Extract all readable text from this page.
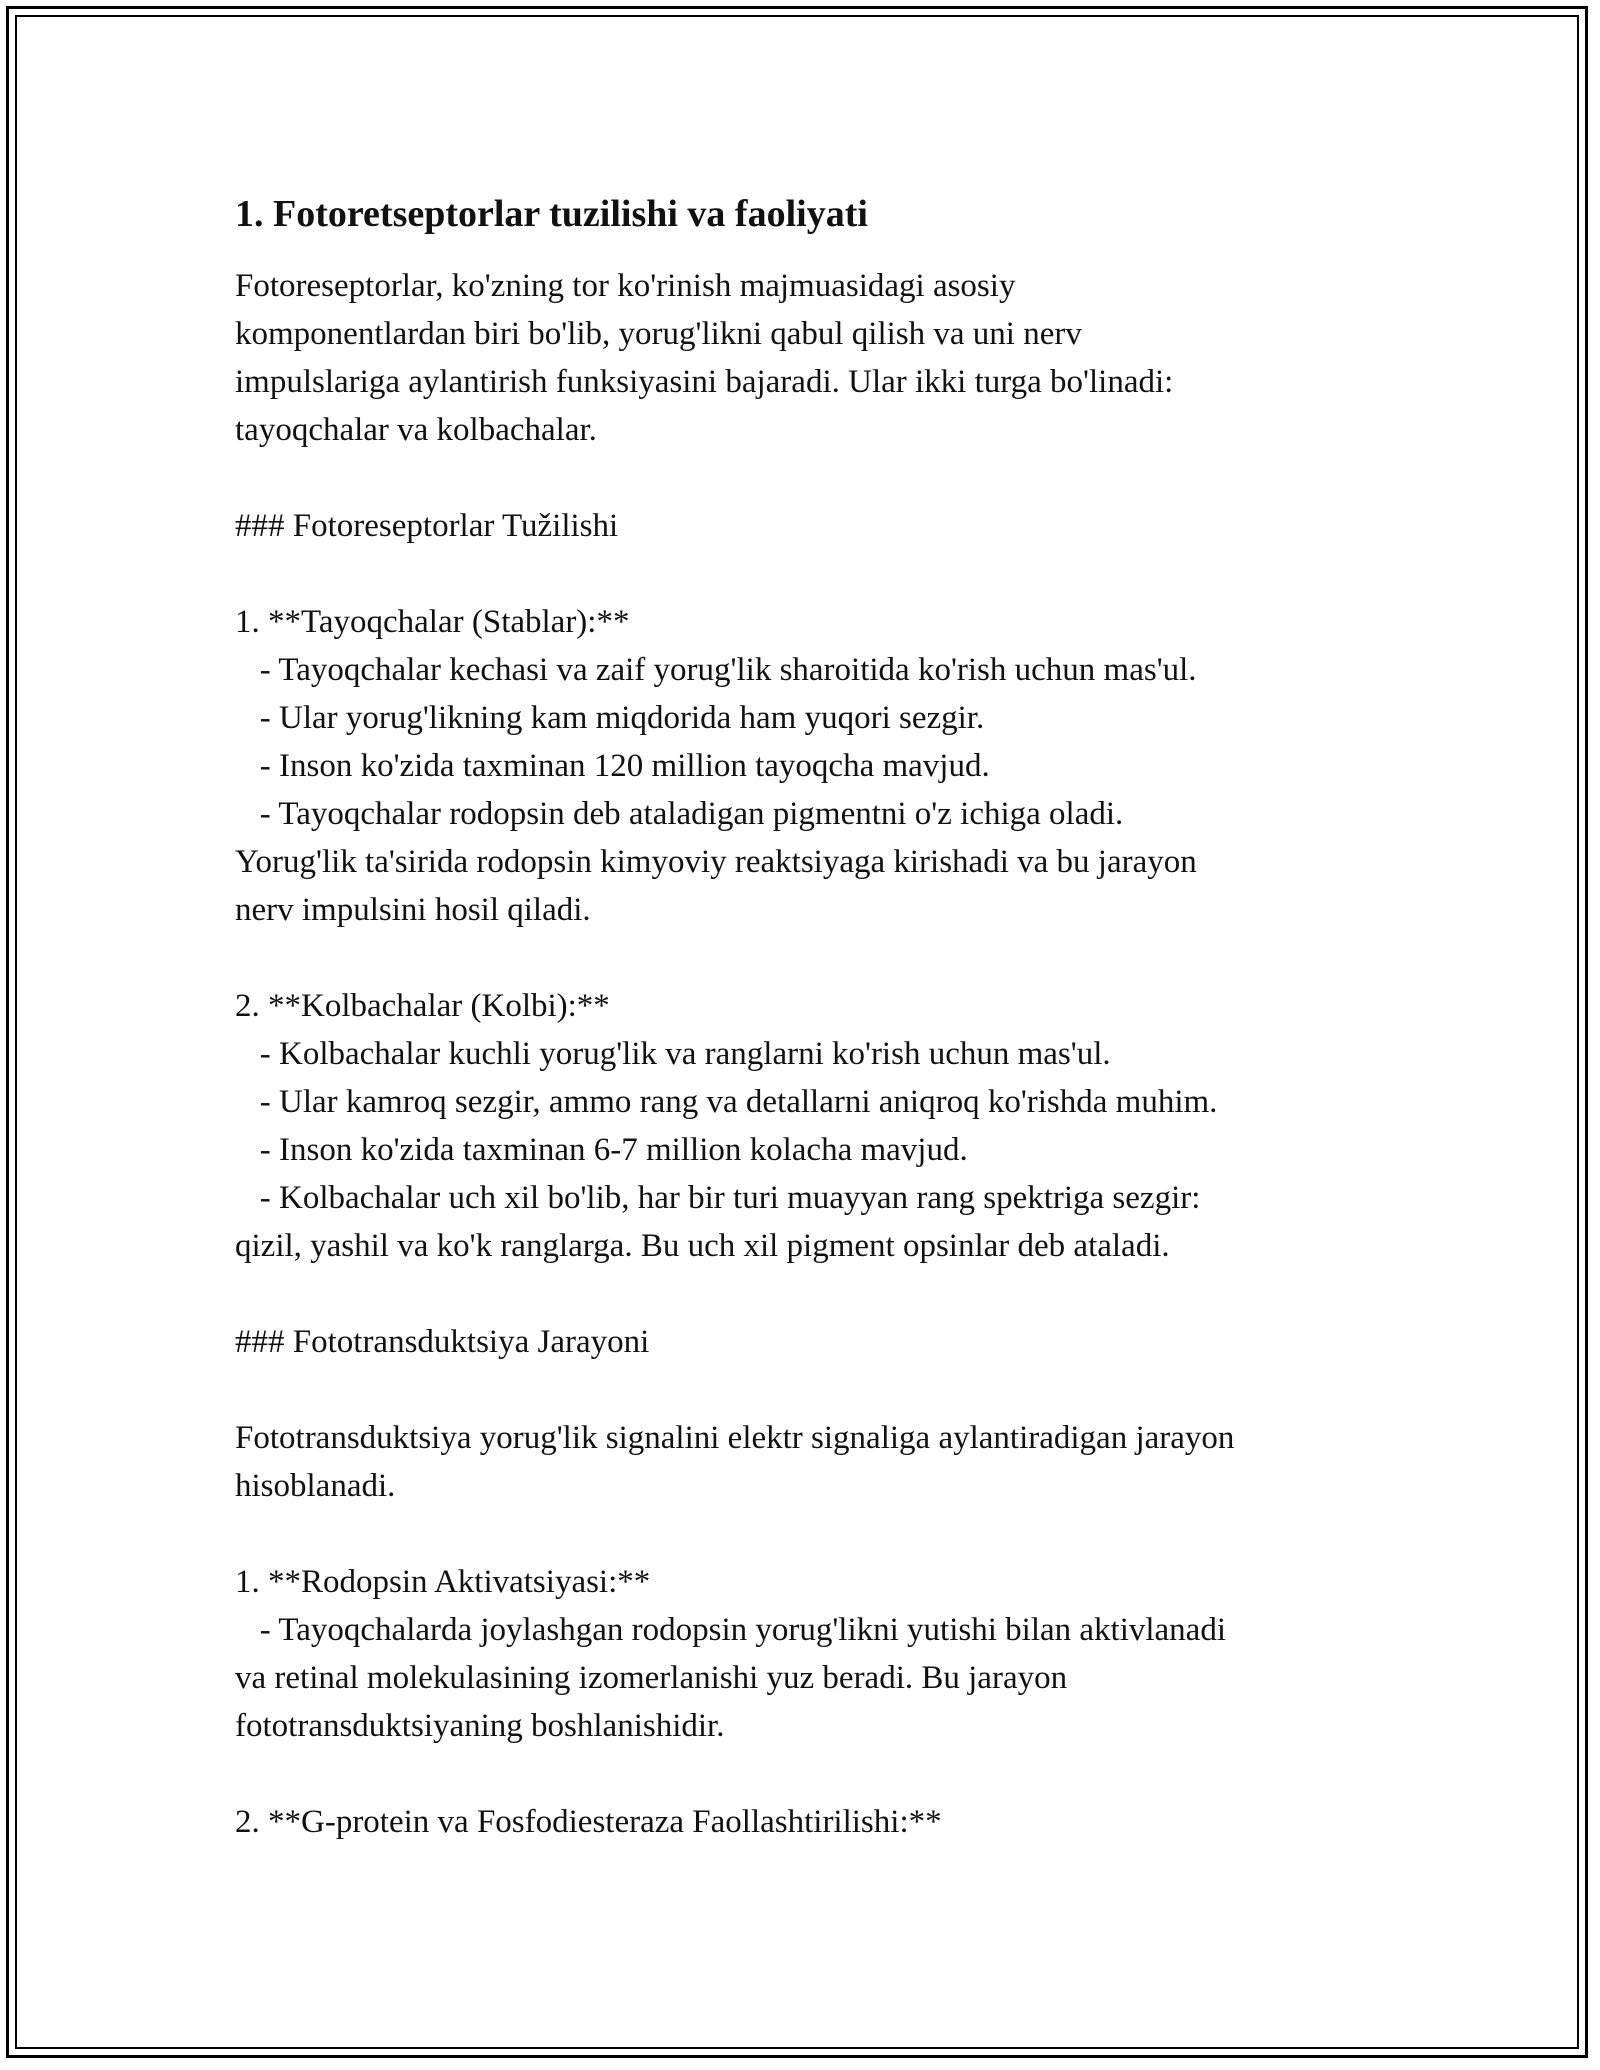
1. Fotoretseptorlar tuzilishi va faoliyati

Fotoreseptorlar, ko'zning tor ko'rinish majmuasidagi asosiy
komponentlardan biri bo'lib, yorug'likni qabul qilish va uni nerv
impulslariga aylantirish funksiyasini bajaradi. Ular ikki turga bo'linadi:
tayoqchalar va kolbachalar.

### Fotoreseptorlar Tužilishi

1. **Tayoqchalar (Stablar):**
- Tayoqchalar kechasi va zaif yorug'lik sharoitida ko'rish uchun mas'ul.
- Ular yorug'likning kam miqdorida ham yuqori sezgir.
- Inson ko'zida taxminan 120 million tayoqcha mavjud.
- Tayoqchalar rodopsin deb ataladigan pigmentni o'z ichiga oladi.
Yorug'lik ta'sirida rodopsin kimyoviy reaktsiyaga kirishadi va bu jarayon
nerv impulsini hosil qiladi.

2. **Kolbachalar (Kolbi):**
- Kolbachalar kuchli yorug'lik va ranglarni ko'rish uchun mas'ul.
- Ular kamroq sezgir, ammo rang va detallarni aniqroq ko'rishda muhim.
- Inson ko'zida taxminan 6-7 million kolacha mavjud.
- Kolbachalar uch xil bo'lib, har bir turi muayyan rang spektriga sezgir:
qizil, yashil va ko'k ranglarga. Bu uch xil pigment opsinlar deb ataladi.

### Fototransduktsiya Jarayoni

Fototransduktsiya yorug'lik signalini elektr signaliga aylantiradigan jarayon
hisoblanadi.

1. **Rodopsin Aktivatsiyasi:**
- Tayoqchalarda joylashgan rodopsin yorug'likni yutishi bilan aktivlanadi
va retinal molekulasining izomerlanishi yuz beradi. Bu jarayon
fototransduktsiyaning boshlanishidir.

2. **G-protein va Fosfodiesteraza Faollashtirilishi:**
